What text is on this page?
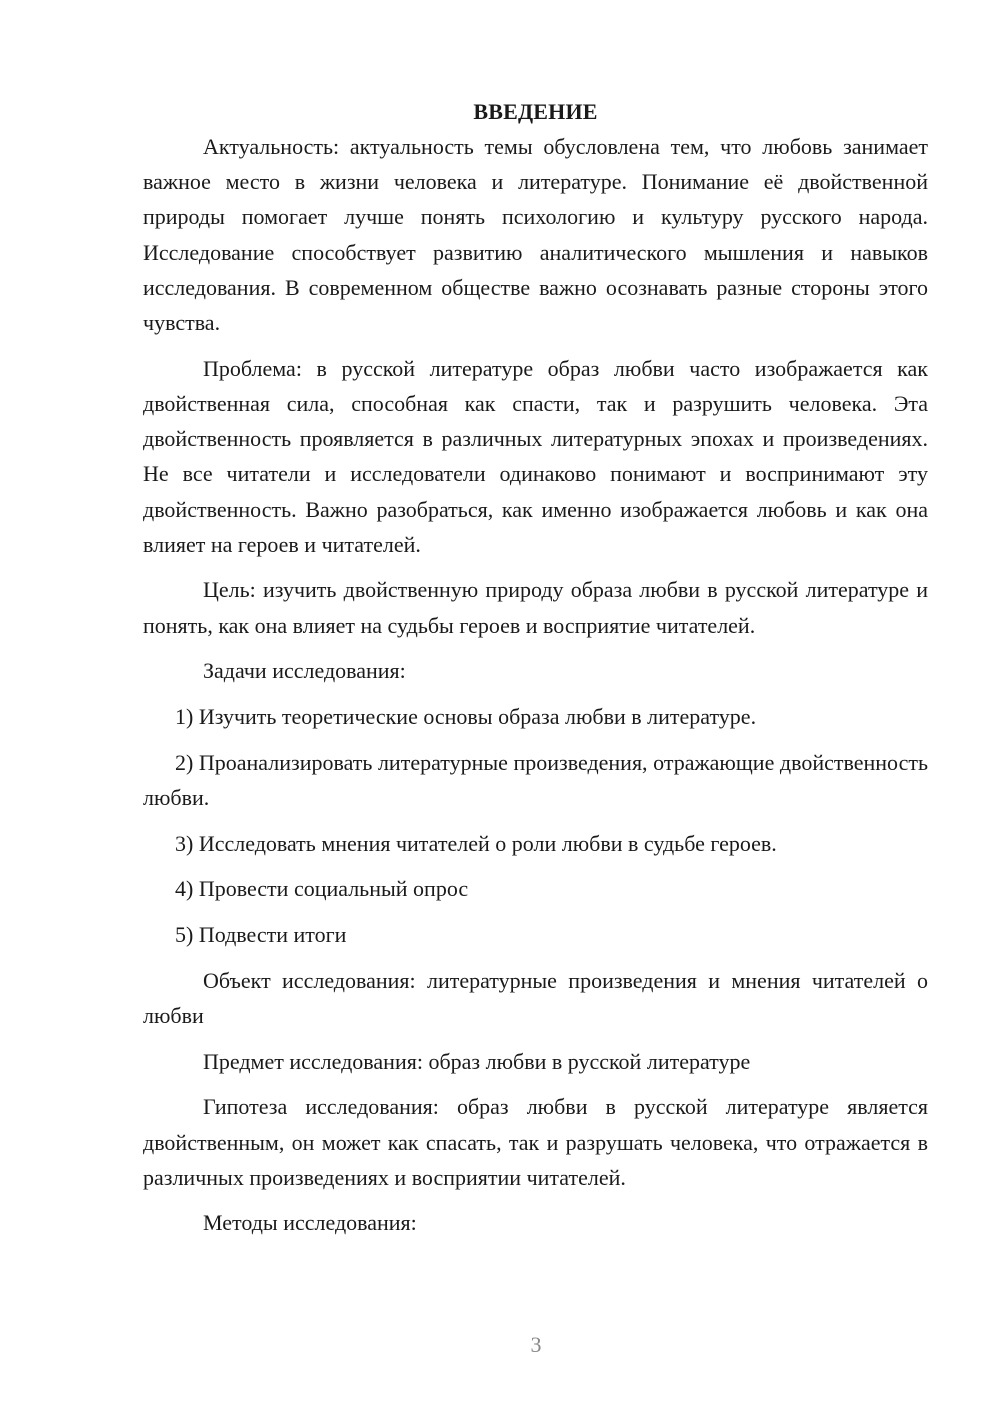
ВВЕДЕНИЕ

Актуальность: актуальность темы обусловлена тем, что любовь занимает важное место в жизни человека и литературе. Понимание её двойственной природы помогает лучше понять психологию и культуру русского народа. Исследование способствует развитию аналитического мышления и навыков исследования. В современном обществе важно осознавать разные стороны этого чувства.

Проблема: в русской литературе образ любви часто изображается как двойственная сила, способная как спасти, так и разрушить человека. Эта двойственность проявляется в различных литературных эпохах и произведениях. Не все читатели и исследователи одинаково понимают и воспринимают эту двойственность. Важно разобраться, как именно изображается любовь и как она влияет на героев и читателей.

Цель: изучить двойственную природу образа любви в русской литературе и понять, как она влияет на судьбы героев и восприятие читателей.

Задачи исследования:

1) Изучить теоретические основы образа любви в литературе.

2) Проанализировать литературные произведения, отражающие двойственность любви.

3) Исследовать мнения читателей о роли любви в судьбе героев.

4) Провести социальный опрос

5) Подвести итоги

Объект исследования: литературные произведения и мнения читателей о любви

Предмет исследования: образ любви в русской литературе

Гипотеза исследования: образ любви в русской литературе является двойственным, он может как спасать, так и разрушать человека, что отражается в различных произведениях и восприятии читателей.

Методы исследования:

3
